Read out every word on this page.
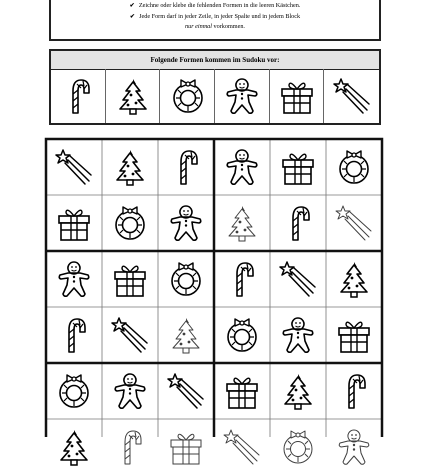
✔ Zeichne oder klebe die fehlenden Formen in die leeren Kästchen.
✔ Jede Form darf in jeder Zeile, in jeder Spalte und in jedem Block
nur einmal vorkommen.
Folgende Formen kommen im Sudoku vor:
